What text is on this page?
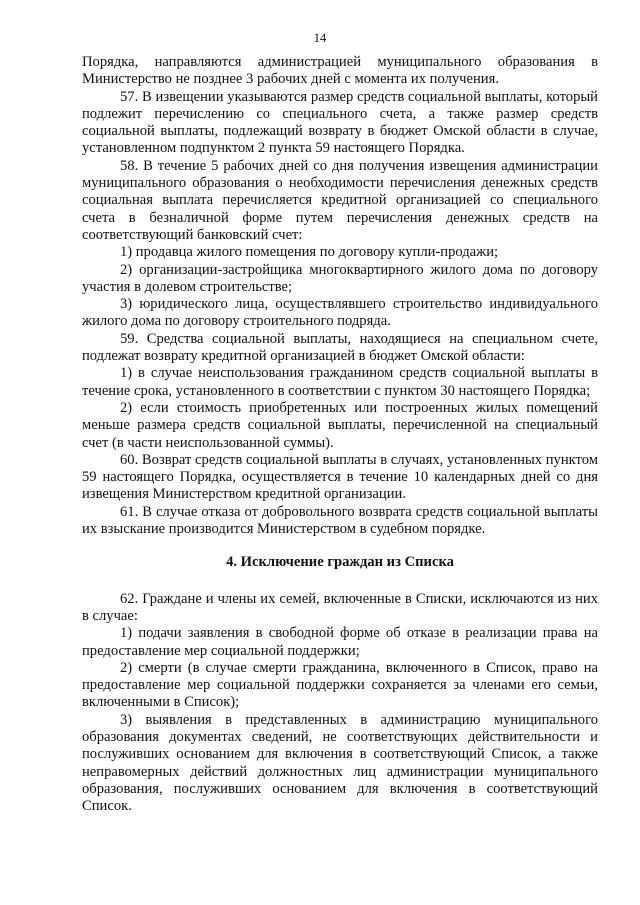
14

Порядка, направляются администрацией муниципального образования в Министерство не позднее 3 рабочих дней с момента их получения.

57. В извещении указываются размер средств социальной выплаты, который подлежит перечислению со специального счета, а также размер средств социальной выплаты, подлежащий возврату в бюджет Омской области в случае, установленном подпунктом 2 пункта 59 настоящего Порядка.

58. В течение 5 рабочих дней со дня получения извещения администрации муниципального образования о необходимости перечисления денежных средств социальная выплата перечисляется кредитной организацией со специального счета в безналичной форме путем перечисления денежных средств на соответствующий банковский счет:

1) продавца жилого помещения по договору купли-продажи;

2) организации-застройщика многоквартирного жилого дома по договору участия в долевом строительстве;

3) юридического лица, осуществлявшего строительство индивидуального жилого дома по договору строительного подряда.

59. Средства социальной выплаты, находящиеся на специальном счете, подлежат возврату кредитной организацией в бюджет Омской области:

1) в случае неиспользования гражданином средств социальной выплаты в течение срока, установленного в соответствии с пунктом 30 настоящего Порядка;

2) если стоимость приобретенных или построенных жилых помещений меньше размера средств социальной выплаты, перечисленной на специальный счет (в части неиспользованной суммы).

60. Возврат средств социальной выплаты в случаях, установленных пунктом 59 настоящего Порядка, осуществляется в течение 10 календарных дней со дня извещения Министерством кредитной организации.

61. В случае отказа от добровольного возврата средств социальной выплаты их взыскание производится Министерством в судебном порядке.

4. Исключение граждан из Списка

62. Граждане и члены их семей, включенные в Списки, исключаются из них в случае:

1) подачи заявления в свободной форме об отказе в реализации права на предоставление мер социальной поддержки;

2) смерти (в случае смерти гражданина, включенного в Список, право на предоставление мер социальной поддержки сохраняется за членами его семьи, включенными в Список);

3) выявления в представленных в администрацию муниципального образования документах сведений, не соответствующих действительности и послуживших основанием для включения в соответствующий Список, а также неправомерных действий должностных лиц администрации муниципального образования, послуживших основанием для включения в соответствующий Список.
